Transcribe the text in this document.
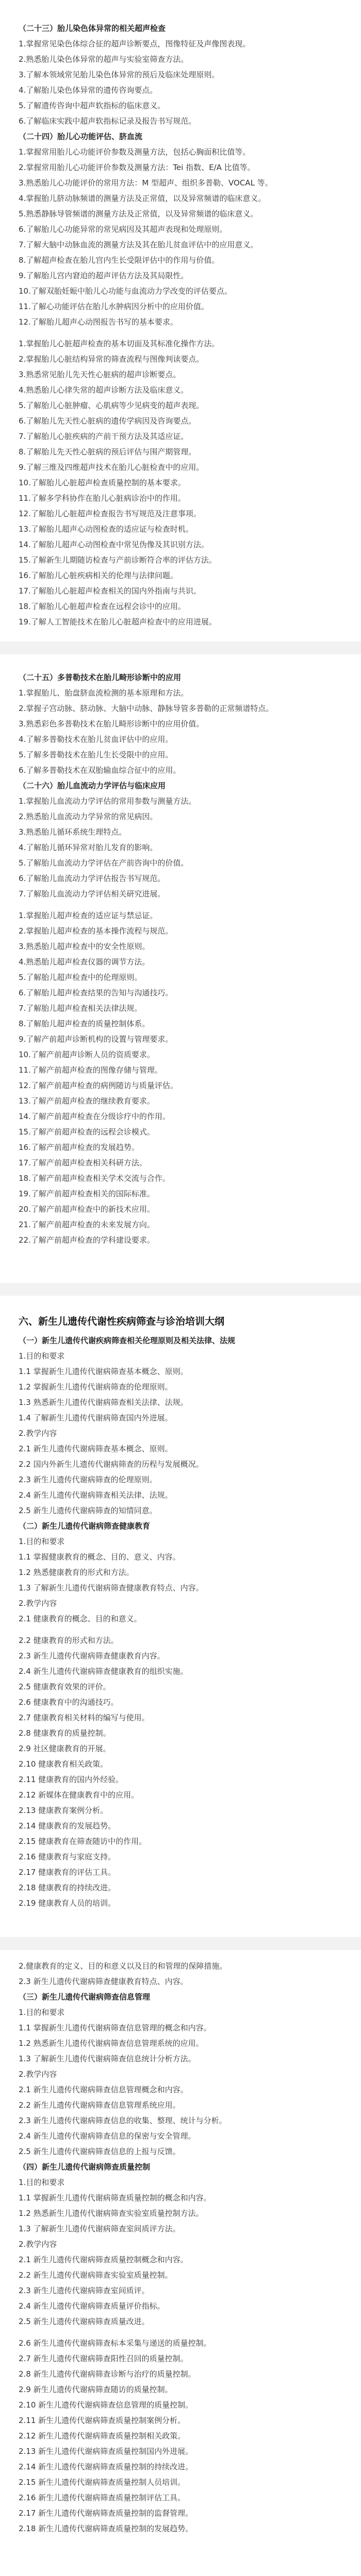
（二十三）胎儿染色体异常的相关超声检查

1.掌握常见染色体综合征的超声诊断要点，图像特征及声像图表现。

2.熟悉胎儿染色体异常的超声与实验室筛查方法。

3.了解本领域常见胎儿染色体异常的预后及临床处理原则。

4.了解胎儿染色体异常的遗传咨询要点。

5.了解遗传咨询中超声软指标的临床意义。

6.了解临床实践中超声软指标记录及报告书写规范。

（二十四）胎儿心功能评估、脐血流

1.掌握常用胎儿心功能评价参数及测量方法，包括心胸面积比值等。

2.掌握常用胎儿心功能评价参数及测量方法：Tei 指数、E/A 比值等。

3.熟悉胎儿心功能评价的常用方法：M 型超声、组织多普勒、VOCAL 等。

4.掌握胎儿脐动脉频谱的测量方法及正常值，以及异常频谱的临床意义。

5.熟悉静脉导管频谱的测量方法及正常值，以及异常频谱的临床意义。

6.了解胎儿心功能异常的常见病因及其超声表现和处理原则。

7.了解大脑中动脉血流的测量方法及其在胎儿贫血评估中的应用意义。

8.了解超声检查在胎儿宫内生长受限评估中的作用与价值。

9.了解胎儿宫内窘迫的超声评估方法及其局限性。

10.了解双胎妊娠中胎儿心功能与血流动力学改变的评估要点。

11.了解心功能评估在胎儿水肿病因分析中的应用价值。

12.了解胎儿超声心动图报告书写的基本要求。

1.掌握胎儿心脏超声检查的基本切面及其标准化操作方法。

2.掌握胎儿心脏结构异常的筛查流程与图像判读要点。

3.熟悉常见胎儿先天性心脏病的超声诊断要点。

4.熟悉胎儿心律失常的超声诊断方法及临床意义。

5.了解胎儿心脏肿瘤、心肌病等少见病变的超声表现。

6.了解胎儿先天性心脏病的遗传学病因及咨询要点。

7.了解胎儿心脏疾病的产前干预方法及其适应证。

8.了解胎儿先天性心脏病的预后评估与围产期管理。

9.了解三维及四维超声技术在胎儿心脏检查中的应用。

10.了解胎儿心脏超声检查质量控制的基本要求。

11.了解多学科协作在胎儿心脏病诊治中的作用。

12.了解胎儿心脏超声检查报告书写规范及注意事项。

13.了解胎儿超声心动图检查的适应证与检查时机。

14.了解胎儿超声心动图检查中常见伪像及其识别方法。

15.了解新生儿期随访检查与产前诊断符合率的评估方法。

16.了解胎儿心脏疾病相关的伦理与法律问题。

17.了解胎儿心脏超声检查相关的国内外指南与共识。

18.了解胎儿心脏超声检查在远程会诊中的应用。

19.了解人工智能技术在胎儿心脏超声检查中的应用进展。

（二十五）多普勒技术在胎儿畸形诊断中的应用

1.掌握胎儿、胎盘脐血流检测的基本原理和方法。

2.掌握子宫动脉、脐动脉、大脑中动脉、静脉导管多普勒的正常频谱特点。

3.熟悉彩色多普勒技术在胎儿畸形诊断中的应用价值。

4.了解多普勒技术在胎儿贫血评估中的应用。

5.了解多普勒技术在胎儿生长受限中的应用。

6.了解多普勒技术在双胎输血综合征中的应用。

（二十六）胎儿血流动力学评估与临床应用

1.掌握胎儿血流动力学评估的常用参数与测量方法。

2.熟悉胎儿血流动力学异常的常见病因。

3.熟悉胎儿循环系统生理特点。

4.了解胎儿循环异常对胎儿发育的影响。

5.了解胎儿血流动力学评估在产前咨询中的价值。

6.了解胎儿血流动力学评估报告书写规范。

7.了解胎儿血流动力学评估相关研究进展。

1.掌握胎儿超声检查的适应证与禁忌证。

2.掌握胎儿超声检查的基本操作流程与规范。

3.熟悉胎儿超声检查中的安全性原则。

4.熟悉胎儿超声检查仪器的调节方法。

5.了解胎儿超声检查中的伦理原则。

6.了解胎儿超声检查结果的告知与沟通技巧。

7.了解胎儿超声检查相关法律法规。

8.了解胎儿超声检查的质量控制体系。

9.了解产前超声诊断机构的设置与管理要求。

10.了解产前超声诊断人员的资质要求。

11.了解产前超声检查的图像存储与管理。

12.了解产前超声检查的病例随访与质量评估。

13.了解产前超声检查的继续教育要求。

14.了解产前超声检查在分级诊疗中的作用。

15.了解产前超声检查的远程会诊模式。

16.了解产前超声检查的发展趋势。

17.了解产前超声检查相关科研方法。

18.了解产前超声检查相关学术交流与合作。

19.了解产前超声检查相关的国际标准。

20.了解产前超声检查中的新技术应用。

21.了解产前超声检查的未来发展方向。

22.了解产前超声检查的学科建设要求。

六、新生儿遗传代谢性疾病筛查与诊治培训大纲

（一）新生儿遗传代谢疾病筛查相关伦理原则及相关法律、法规

1.目的和要求

1.1 掌握新生儿遗传代谢病筛查基本概念、原则。

1.2 掌握新生儿遗传代谢病筛查的伦理原则。

1.3 熟悉新生儿遗传代谢病筛查相关法律、法规。

1.4 了解新生儿遗传代谢病筛查国内外进展。

2.教学内容

2.1 新生儿遗传代谢病筛查基本概念、原则。

2.2 国内外新生儿遗传代谢病筛查的历程与发展概况。

2.3 新生儿遗传代谢病筛查的伦理原则。

2.4 新生儿遗传代谢病筛查相关法律、法规。

2.5 新生儿遗传代谢病筛查的知情同意。

（二）新生儿遗传代谢病筛查健康教育

1.目的和要求

1.1 掌握健康教育的概念、目的、意义、内容。

1.2 熟悉健康教育的形式和方法。

1.3 了解新生儿遗传代谢病筛查健康教育特点、内容。

2.教学内容

2.1 健康教育的概念、目的和意义。

2.2 健康教育的形式和方法。

2.3 新生儿遗传代谢病筛查健康教育内容。

2.4 新生儿遗传代谢病筛查健康教育的组织实施。

2.5 健康教育效果的评价。

2.6 健康教育中的沟通技巧。

2.7 健康教育相关材料的编写与使用。

2.8 健康教育的质量控制。

2.9 社区健康教育的开展。

2.10 健康教育相关政策。

2.11 健康教育的国内外经验。

2.12 新媒体在健康教育中的应用。

2.13 健康教育案例分析。

2.14 健康教育的发展趋势。

2.15 健康教育在筛查随访中的作用。

2.16 健康教育与家庭支持。

2.17 健康教育的评估工具。

2.18 健康教育的持续改进。

2.19 健康教育人员的培训。

2.健康教育的定义、目的和意义以及目的和管理的保障措施。

2.3 新生儿遗传代谢病筛查健康教育特点、内容。

（三）新生儿遗传代谢病筛查信息管理

1.目的和要求

1.1 掌握新生儿遗传代谢病筛查信息管理的概念和内容。

1.2 熟悉新生儿遗传代谢病筛查信息管理系统的应用。

1.3 了解新生儿遗传代谢病筛查信息统计分析方法。

2.教学内容

2.1 新生儿遗传代谢病筛查信息管理概念和内容。

2.2 新生儿遗传代谢病筛查信息管理系统应用。

2.3 新生儿遗传代谢病筛查信息的收集、整理、统计与分析。

2.4 新生儿遗传代谢病筛查信息的保密与安全管理。

2.5 新生儿遗传代谢病筛查信息的上报与反馈。

（四）新生儿遗传代谢病筛查质量控制

1.目的和要求

1.1 掌握新生儿遗传代谢病筛查质量控制的概念和内容。

1.2 熟悉新生儿遗传代谢病筛查实验室质量控制方法。

1.3 了解新生儿遗传代谢病筛查室间质评方法。

2.教学内容

2.1 新生儿遗传代谢病筛查质量控制概念和内容。

2.2 新生儿遗传代谢病筛查实验室质量控制。

2.3 新生儿遗传代谢病筛查室间质评。

2.4 新生儿遗传代谢病筛查质量评价指标。

2.5 新生儿遗传代谢病筛查质量改进。

2.6 新生儿遗传代谢病筛查标本采集与递送的质量控制。

2.7 新生儿遗传代谢病筛查阳性召回的质量控制。

2.8 新生儿遗传代谢病筛查诊断与治疗的质量控制。

2.9 新生儿遗传代谢病筛查随访的质量控制。

2.10 新生儿遗传代谢病筛查信息管理的质量控制。

2.11 新生儿遗传代谢病筛查质量控制案例分析。

2.12 新生儿遗传代谢病筛查质量控制相关政策。

2.13 新生儿遗传代谢病筛查质量控制国内外进展。

2.14 新生儿遗传代谢病筛查质量控制的持续改进。

2.15 新生儿遗传代谢病筛查质量控制人员培训。

2.16 新生儿遗传代谢病筛查质量控制评估工具。

2.17 新生儿遗传代谢病筛查质量控制的监督管理。

2.18 新生儿遗传代谢病筛查质量控制的发展趋势。
